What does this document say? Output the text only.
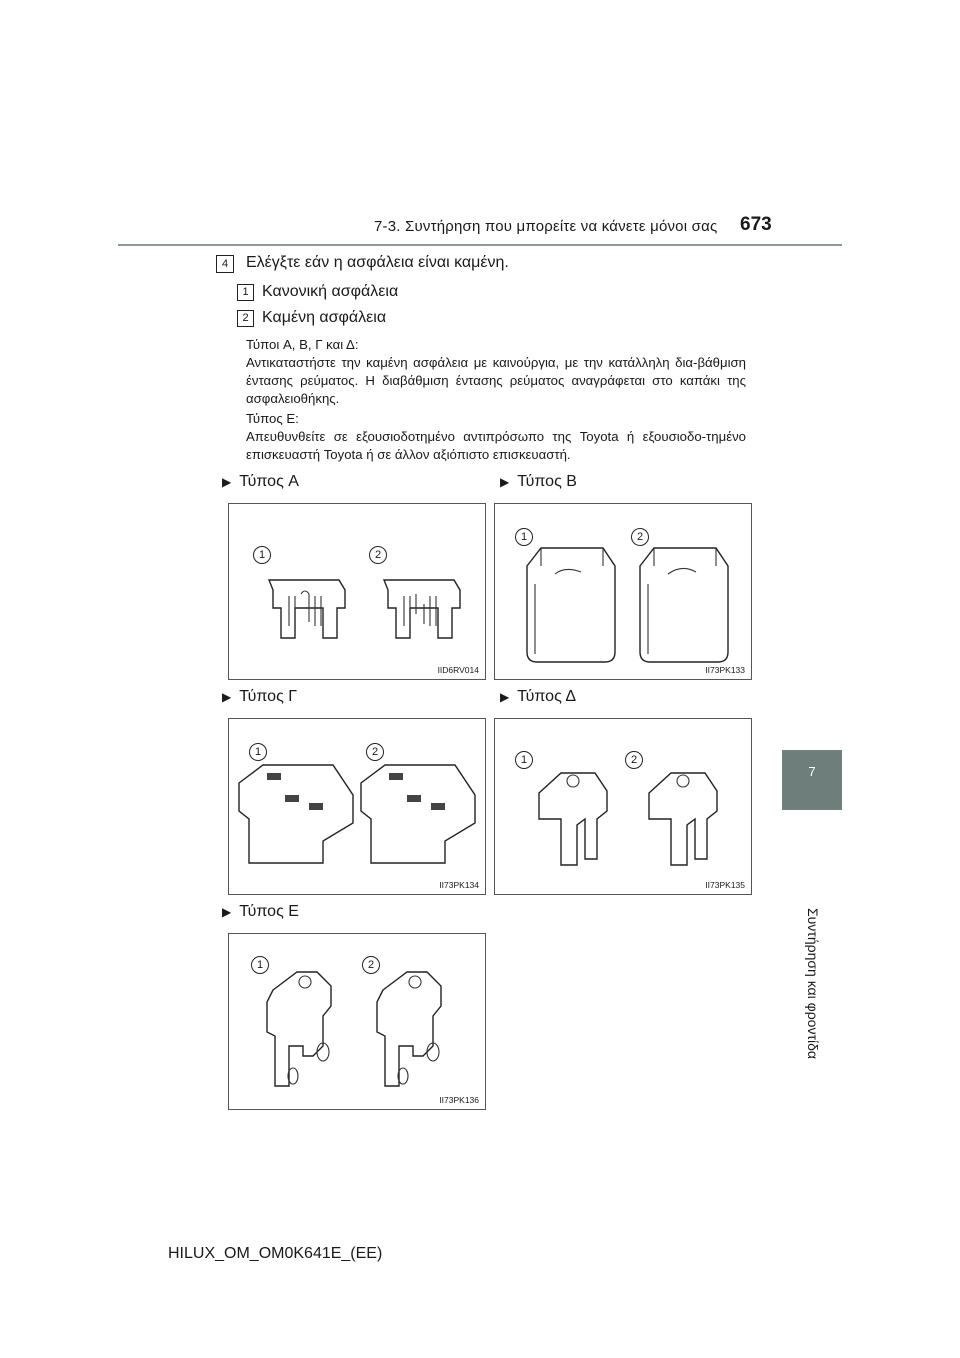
7-3. Συντήρηση που μπορείτε να κάνετε μόνοι σας 673
7
Συντήρηση και φροντίδα
4	Ελέγξτε εάν η ασφάλεια είναι καμένη.
1 Κανονική ασφάλεια
2 Καμένη ασφάλεια
Τύποι A, B, Γ και Δ:
Αντικαταστήστε την καμένη ασφάλεια με καινούργια, με την κατάλληλη δια-βάθμιση έντασης ρεύματος. Η διαβάθμιση έντασης ρεύματος αναγράφεται στο καπάκι της ασφαλειοθήκης.
Τύπος E:
Απευθυνθείτε σε εξουσιοδοτημένο αντιπρόσωπο της Toyota ή εξουσιοδο-τημένο επισκευαστή Toyota ή σε άλλον αξιόπιστο επισκευαστή.
▶ Τύπος A	▶ Τύπος B
▶ Τύπος Γ	▶ Τύπος Δ
▶ Τύπος E
1	2
IID6RV014
1	2
II73PK133
1	2
II73PK134
1	2
II73PK135
1	2
II73PK136
HILUX_OM_OM0K641E_(EE)
